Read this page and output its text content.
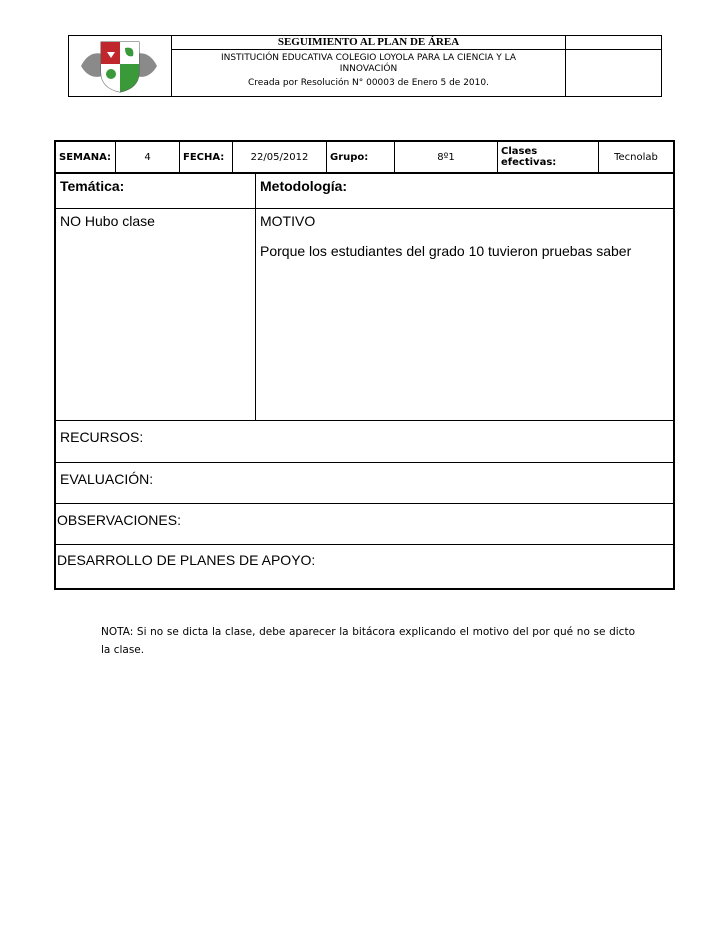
SEGUIMIENTO AL PLAN DE ÁREA
INSTITUCIÓN EDUCATIVA COLEGIO LOYOLA PARA LA CIENCIA Y LA INNOVACIÓN
Creada por Resolución N° 00003 de Enero 5 de 2010.
SEMANA:	4	FECHA:	22/05/2012	Grupo:	8º1	Clases efectivas:	Tecnolab
Temática:	Metodología:
NO Hubo clase	MOTIVO
Porque los estudiantes del grado 10 tuvieron pruebas saber
RECURSOS:
EVALUACIÓN:
OBSERVACIONES:
DESARROLLO DE PLANES DE APOYO:
NOTA: Si no se dicta la clase, debe aparecer la bitácora explicando el motivo del por qué no se dicto la clase.
